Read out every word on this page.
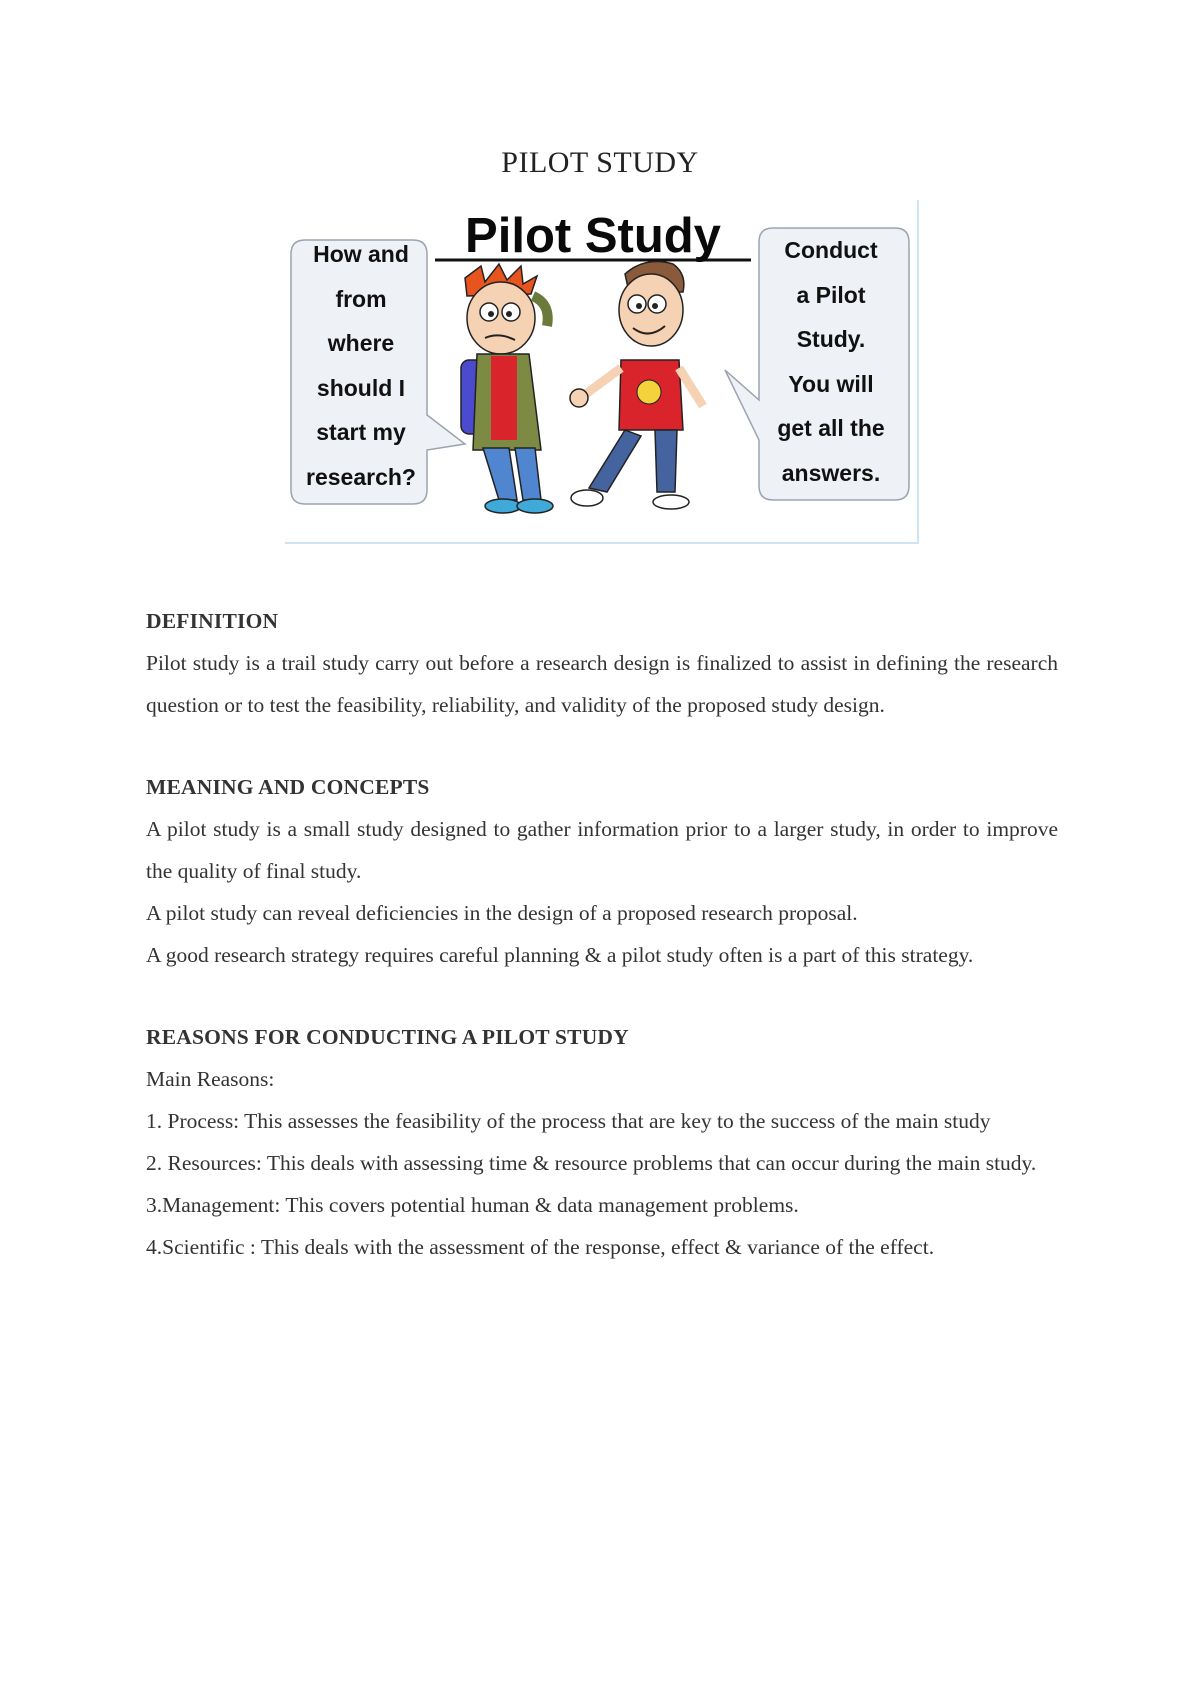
PILOT STUDY
Pilot Study
How and
from
where
should I
start my
research?
Conduct
a Pilot
Study.
You will
get all the
answers.
DEFINITION

Pilot study is a trail study carry out before a research design is finalized to assist in defining the research question or to test the feasibility, reliability, and validity of the proposed study design.

MEANING AND CONCEPTS

A pilot study is a small study designed to gather information prior to a larger study, in order to improve the quality of final study.

A pilot study can reveal deficiencies in the design of a proposed research proposal.

A good research strategy requires careful planning & a pilot study often is a part of this strategy.

REASONS FOR CONDUCTING A PILOT STUDY

Main Reasons:

1. Process: This assesses the feasibility of the process that are key to the success of the main study

2. Resources: This deals with assessing time & resource problems that can occur during the main study.

3.Management: This covers potential human & data management problems.

4.Scientific : This deals with the assessment of the response, effect & variance of the effect.
